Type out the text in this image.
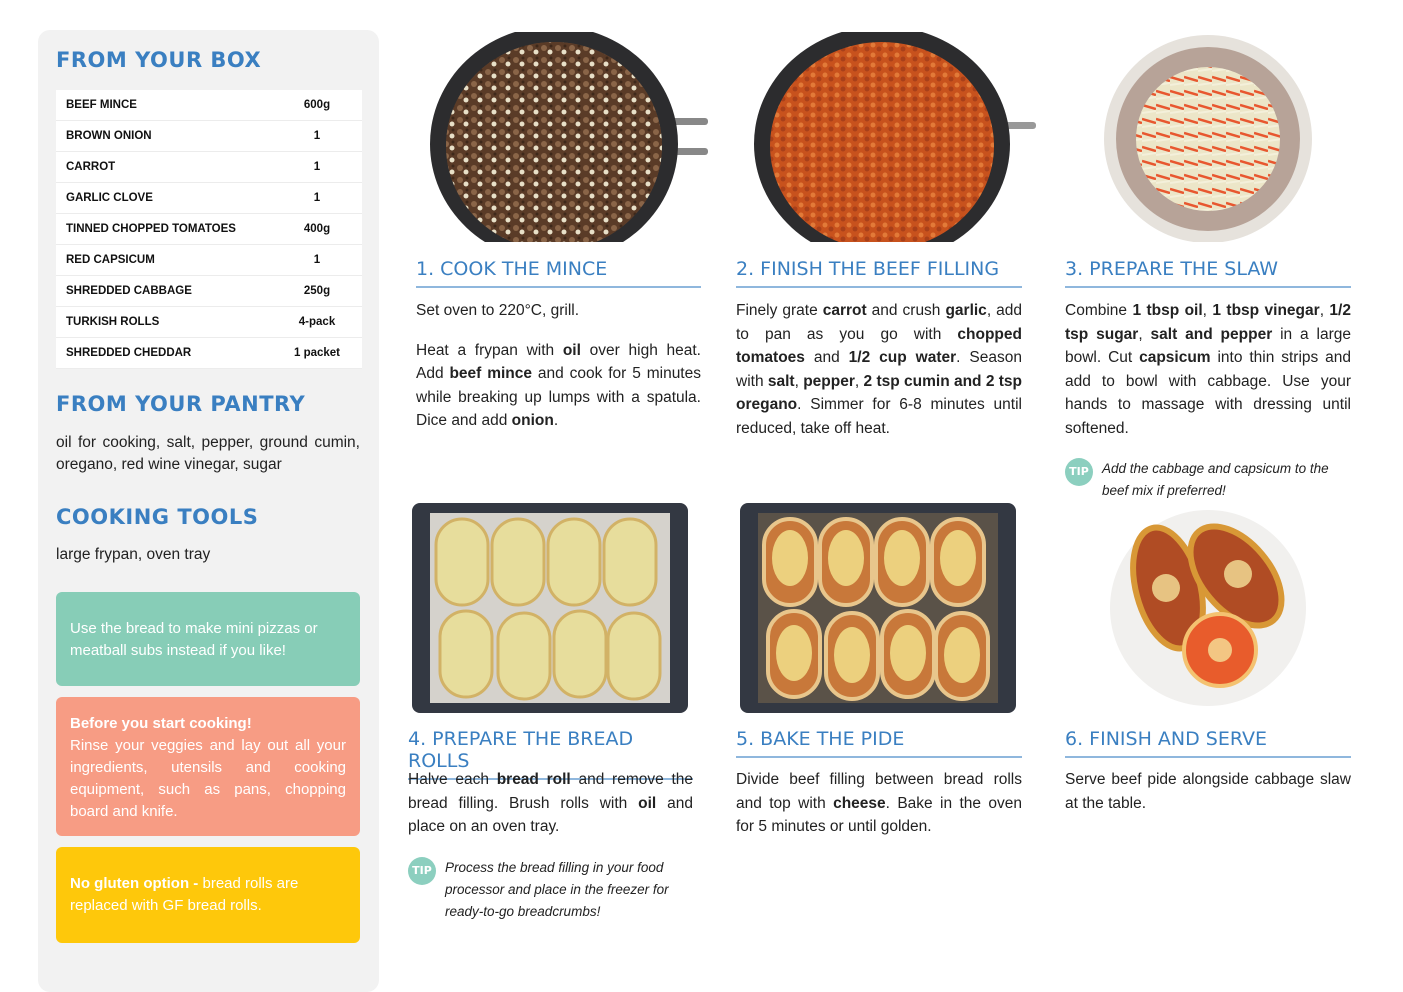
FROM YOUR BOX
BEEF MINCE	600g
BROWN ONION	1
CARROT	1
GARLIC CLOVE	1
TINNED CHOPPED TOMATOES	400g
RED CAPSICUM	1
SHREDDED CABBAGE	250g
TURKISH ROLLS	4-pack
SHREDDED CHEDDAR	1 packet
FROM YOUR PANTRY
oil for cooking, salt, pepper, ground cumin, oregano, red wine vinegar, sugar
COOKING TOOLS
large frypan, oven tray
Use the bread to make mini pizzas or meatball subs instead if you like!
Before you start cooking!
Rinse your veggies and lay out all your ingredients, utensils and cooking equipment, such as pans, chopping board and knife.
No gluten option - bread rolls are replaced with GF bread rolls.
1. COOK THE MINCE

Set oven to 220°C, grill.

Heat a frypan with oil over high heat. Add beef mince and cook for 5 minutes while breaking up lumps with a spatula. Dice and add onion.

2. FINISH THE BEEF FILLING

Finely grate carrot and crush garlic, add to pan as you go with chopped tomatoes and 1/2 cup water. Season with salt, pepper, 2 tsp cumin and 2 tsp oregano. Simmer for 6-8 minutes until reduced, take off heat.

3. PREPARE THE SLAW

Combine 1 tbsp oil, 1 tbsp vinegar, 1/2 tsp sugar, salt and pepper in a large bowl. Cut capsicum into thin strips and add to bowl with cabbage. Use your hands to massage with dressing until softened.

TIP Add the cabbage and capsicum to the beef mix if preferred!
4. PREPARE THE BREAD ROLLS

Halve each bread roll and remove the bread filling. Brush rolls with oil and place on an oven tray.

TIP Process the bread filling in your food processor and place in the freezer for ready-to-go breadcrumbs!
5. BAKE THE PIDE

Divide beef filling between bread rolls and top with cheese. Bake in the oven for 5 minutes or until golden.

6. FINISH AND SERVE

Serve beef pide alongside cabbage slaw at the table.
